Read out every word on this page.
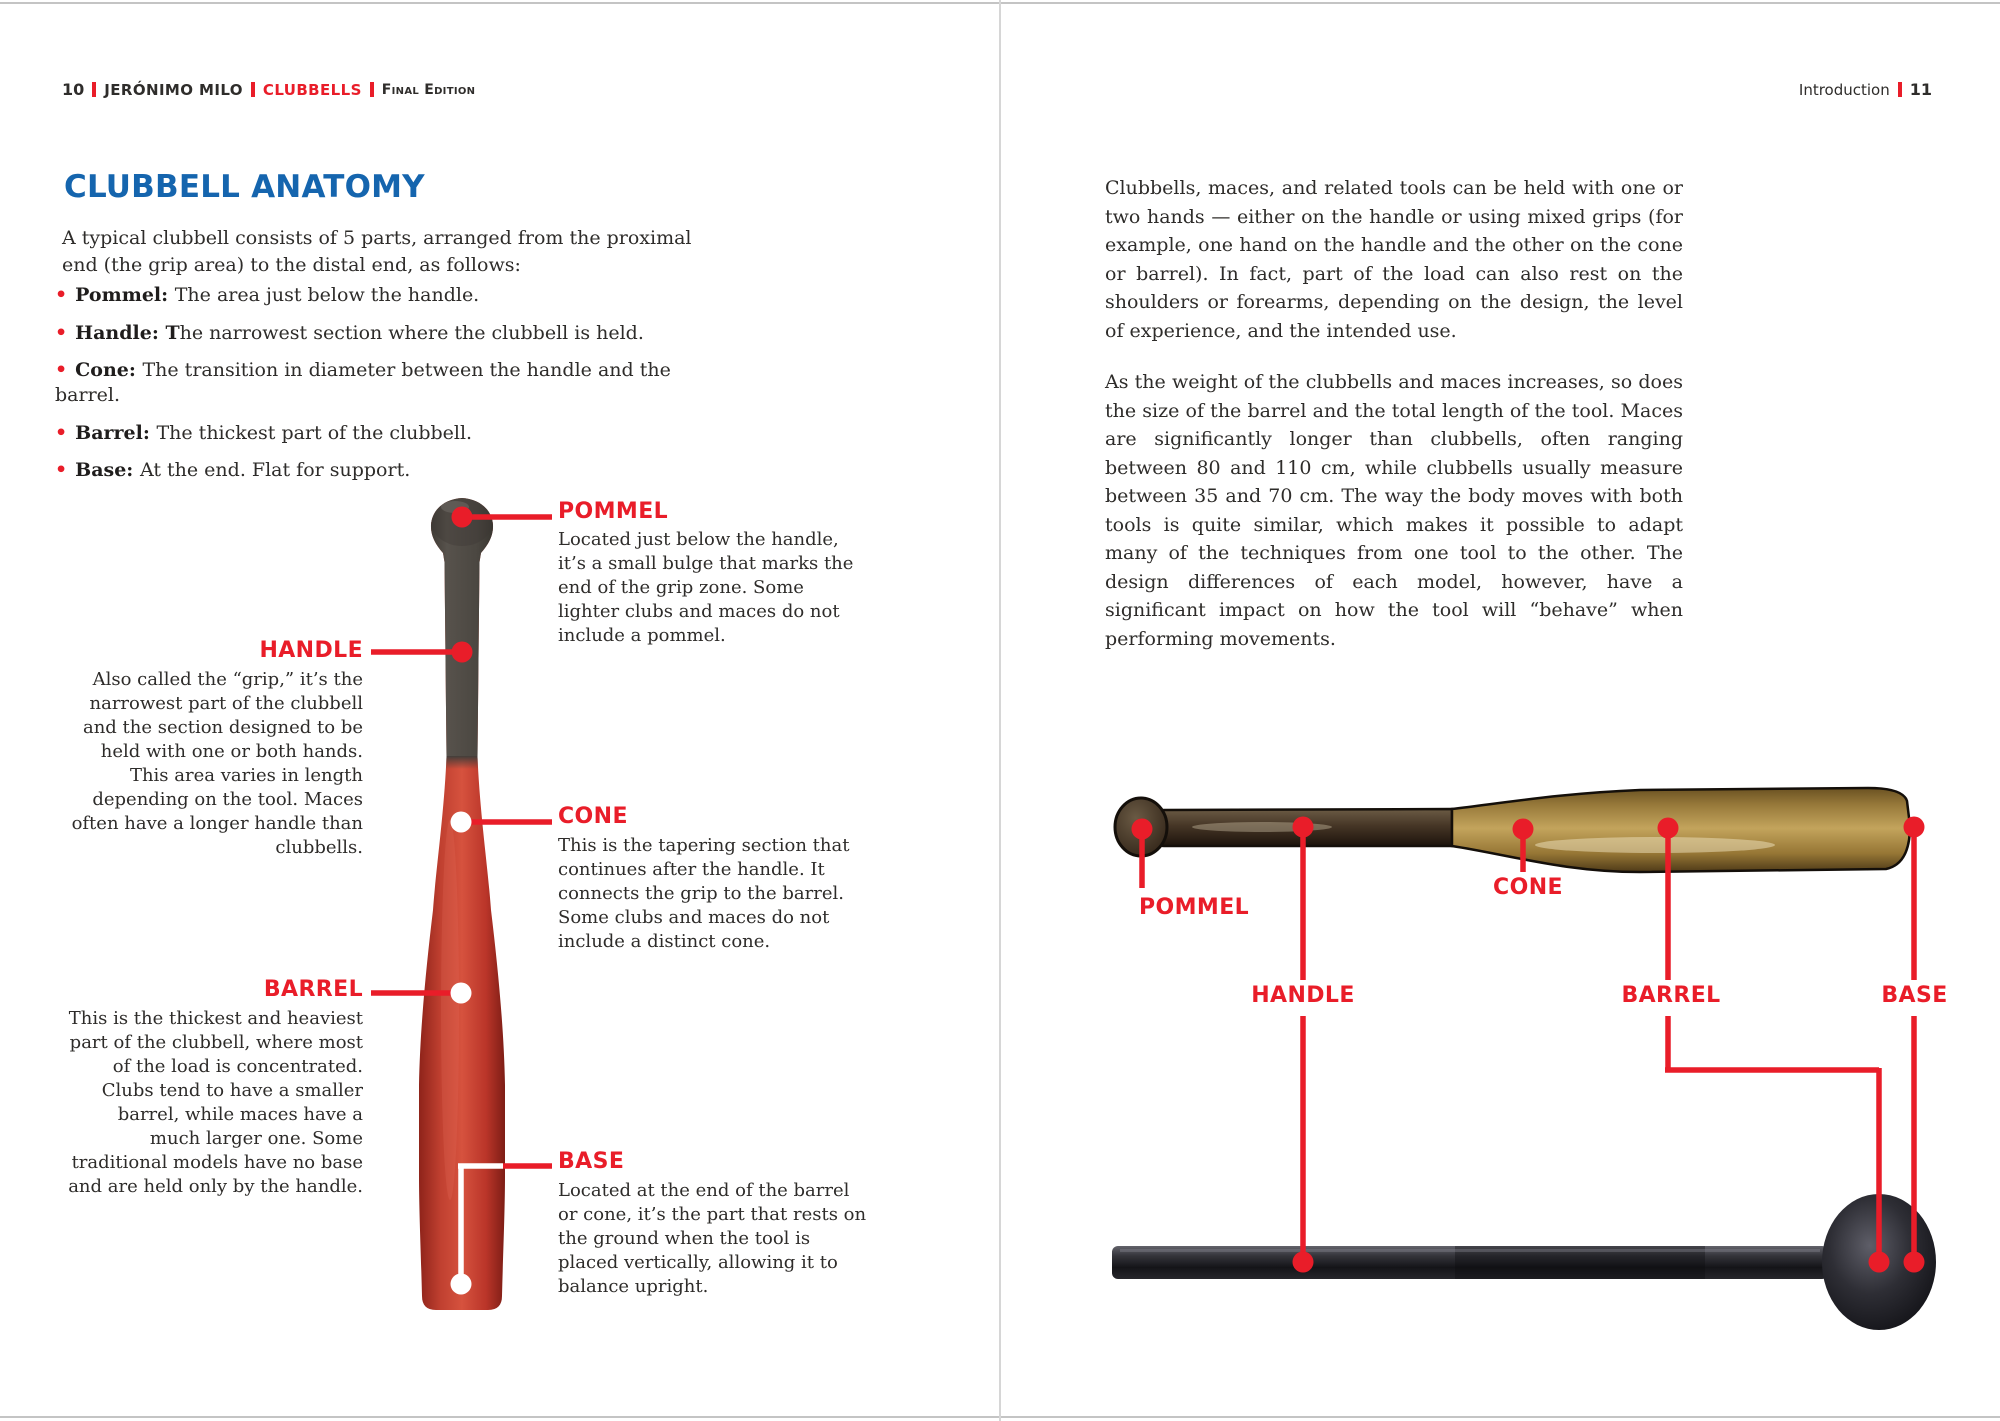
10 JERÓNIMO MILO CLUBBELLS Final Edition
CLUBBELL ANATOMY

A typical clubbell consists of 5 parts, arranged from the proximal end (the grip area) to the distal end, as follows:

• Pommel: The area just below the handle.
• Handle: The narrowest section where the clubbell is held.
• Cone: The transition in diameter between the handle and the barrel.
• Barrel: The thickest part of the clubbell.
• Base: At the end. Flat for support.
POMMEL
Located just below the handle, it’s a small bulge that marks the end of the grip zone. Some lighter clubs and maces do not include a pommel.
HANDLE
Also called the “grip,” it’s the narrowest part of the clubbell and the section designed to be held with one or both hands. This area varies in length depending on the tool. Maces often have a longer handle than clubbells.
CONE
This is the tapering section that continues after the handle. It connects the grip to the barrel. Some clubs and maces do not include a distinct cone.
BARREL
This is the thickest and heaviest part of the clubbell, where most of the load is concentrated. Clubs tend to have a smaller barrel, while maces have a much larger one. Some traditional models have no base and are held only by the handle.
BASE
Located at the end of the barrel or cone, it’s the part that rests on the ground when the tool is placed vertically, allowing it to balance upright.
Introduction 11

Clubbells, maces, and related tools can be held with one or two hands — either on the handle or using mixed grips (for example, one hand on the handle and the other on the cone or barrel). In fact, part of the load can also rest on the shoulders or forearms, depending on the design, the level of experience, and the intended use.

As the weight of the clubbells and maces increases, so does the size of the barrel and the total length of the tool. Maces are significantly longer than clubbells, often ranging between 80 and 110 cm, while clubbells usually measure between 35 and 70 cm. The way the body moves with both tools is quite similar, which makes it possible to adapt many of the techniques from one tool to the other. The design differences of each model, however, have a significant impact on how the tool will “behave” when performing movements.

POMMEL
CONE
HANDLE	BARREL	BASE
